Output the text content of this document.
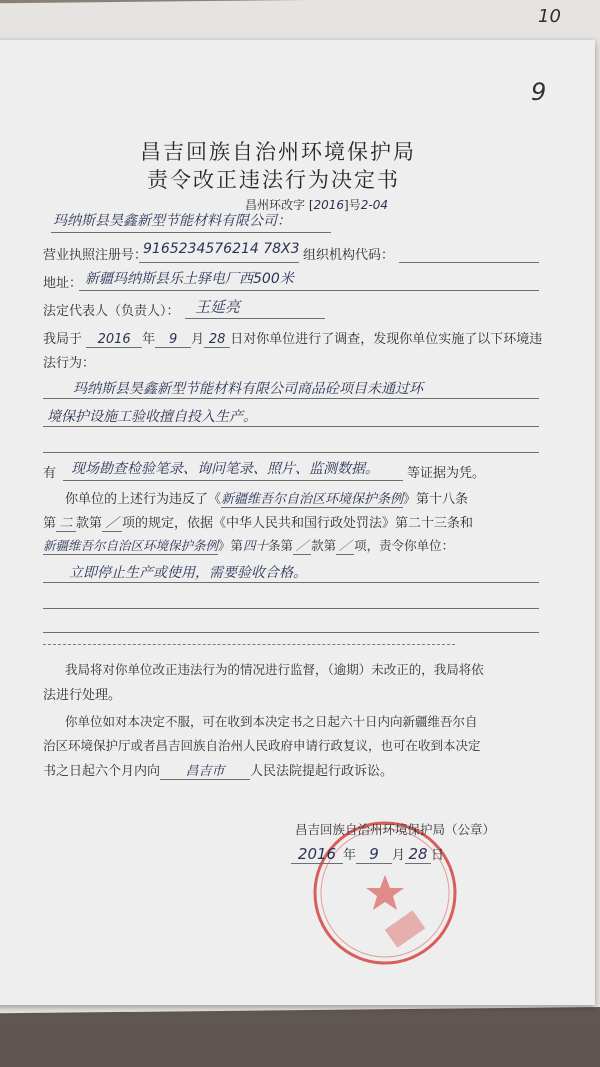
10
9
昌吉回族自治州环境保护局
责令改正违法行为决定书
昌州环改字 [2016]号2-04
玛纳斯县昊鑫新型节能材料有限公司：
营业执照注册号：
9165234576214 78X3 组织机构代码：
地址： 新疆玛纳斯县乐土驿电厂西500米
法定代表人（负责人）： 王延亮
我局于 2016 年 9 月 28 日对你单位进行了调查，发现你单位实施了以下环境违
法行为：
玛纳斯县昊鑫新型节能材料有限公司商品砼项目未通过环
境保护设施工验收擅自投入生产。
有 现场勘查检验笔录、询问笔录、照片、监测数据。 等证据为凭。
你单位的上述行为违反了《新疆维吾尔自治区环境保护条例》第十八条
第 二 款第 ／ 项的规定，依据《中华人民共和国行政处罚法》第二十三条和
新疆维吾尔自治区环境保护条例》第四十条第 ／ 款第 ／ 项，责令你单位：
立即停止生产或使用，需要验收合格。
我局将对你单位改正违法行为的情况进行监督，（逾期）未改正的，我局将依
法进行处理。
你单位如对本决定不服，可在收到本决定书之日起六十日内向新疆维吾尔自
治区环境保护厅或者昌吉回族自治州人民政府申请行政复议，也可在收到本决定
书之日起六个月内向 昌吉市 人民法院提起行政诉讼。
昌吉回族自治州环境保护局（公章）
2016 年 9 月 28 日
